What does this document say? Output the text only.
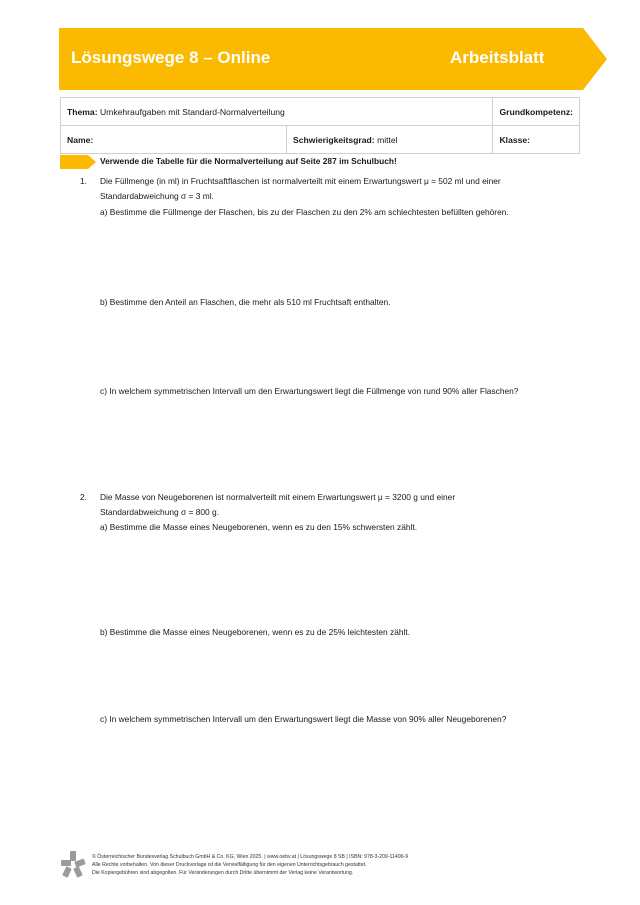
Lösungswege 8 – Online	Arbeitsblatt
Thema: Umkehraufgaben mit Standard-Normalverteilung		Grundkompetenz:
Name:	Schwierigkeitsgrad: mittel	Klasse:
Verwende die Tabelle für die Normalverteilung auf Seite 287 im Schulbuch!
1. Die Füllmenge (in ml) in Fruchtsaftflaschen ist normalverteilt mit einem Erwartungswert μ = 502 ml und einer
Standardabweichung σ = 3 ml.
a) Bestimme die Füllmenge der Flaschen, bis zu der Flaschen zu den 2% am schlechtesten befüllten gehören.
b) Bestimme den Anteil an Flaschen, die mehr als 510 ml Fruchtsaft enthalten.
c) In welchem symmetrischen Intervall um den Erwartungswert liegt die Füllmenge von rund 90% aller Flaschen?
2. Die Masse von Neugeborenen ist normalverteilt mit einem Erwartungswert μ = 3200 g und einer
Standardabweichung σ = 800 g.
a) Bestimme die Masse eines Neugeborenen, wenn es zu den 15% schwersten zählt.
b) Bestimme die Masse eines Neugeborenen, wenn es zu de 25% leichtesten zählt.
c) In welchem symmetrischen Intervall um den Erwartungswert liegt die Masse von 90% aller Neugeborenen?
© Österreichischer Bundesverlag Schulbuch GmbH & Co. KG, Wien 2025. | www.oebv.at | Lösungswege 8 SB | ISBN: 978-3-209-11496-9
Alle Rechte vorbehalten. Von dieser Druckvorlage ist die Vervielfältigung für den eigenen Unterrichtsgebrauch gestattet.
Die Kopiergebühren sind abgegolten. Für Veränderungen durch Dritte übernimmt der Verlag keine Verantwortung.
